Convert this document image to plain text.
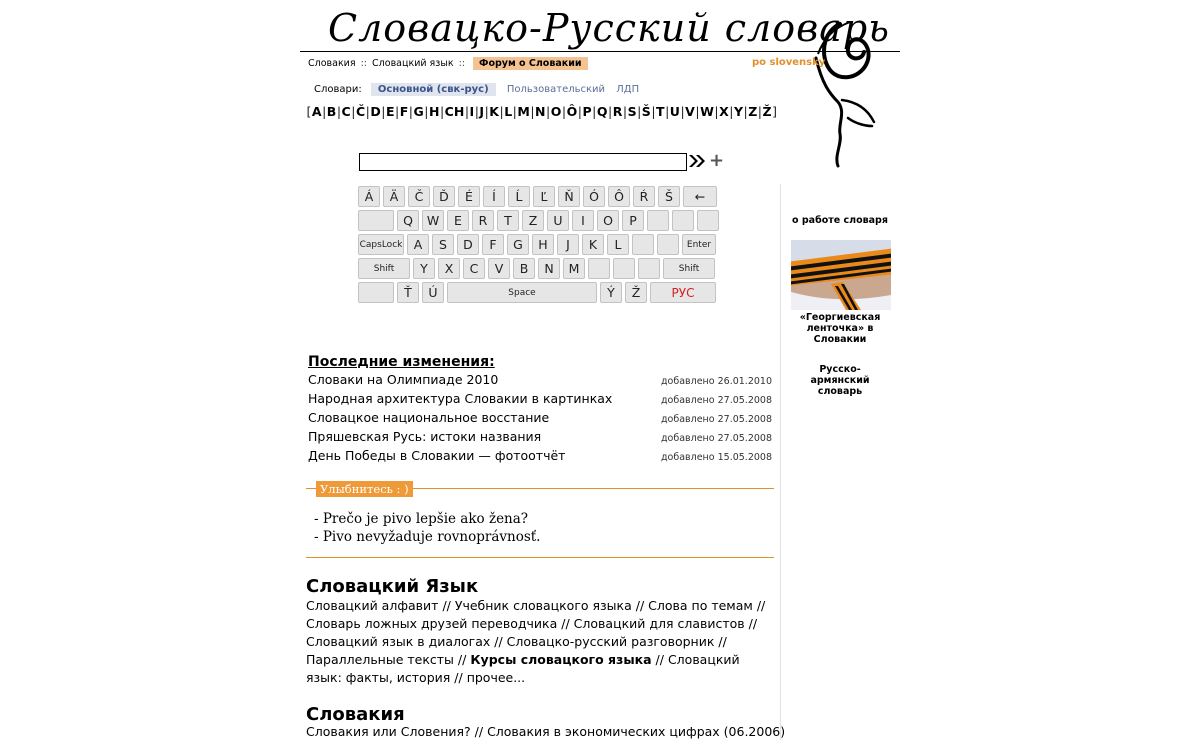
Словацко-Русский словарь
Словакия :: Словацкий язык :: Форум о Словакии	po slovensky
Словари: Основной (свк-рус) Пользовательский ЛДП
[A|B|C|Č|D|E|F|G|H|CH|I|J|K|L|M|N|O|Ô|P|Q|R|S|Š|T|U|V|W|X|Y|Z|Ž]
+
Á	Ä	Č	Ď	É	Í	Ĺ	Ľ	Ň	Ó	Ô	Ŕ	Š	←
Q	W	E	R	T	Z	U	I	O	P
CapsLock A	S	D	F	G	H	J	K	L	Enter
Shift	Y	X	C	V	B	N	M	Shift
Ť	Ú	Space	Ý	Ž	РУС
Последние изменения:
Словаки на Олимпиаде 2010	добавлено 26.01.2010
Народная архитектура Словакии в картинках	добавлено 27.05.2008
Словацкое национальное восстание	добавлено 27.05.2008
Пряшевская Русь: истоки названия	добавлено 27.05.2008
День Победы в Словакии — фотоотчёт	добавлено 15.05.2008
Улыбнитесь : )
- Prečo je pivo lepšie ako žena?
- Pivo nevyžaduje rovnoprávnosť.
Словацкий Язык
Словацкий алфавит // Учебник словацкого языка // Слова по темам // Словарь ложных друзей переводчика // Словацкий для славистов // Словацкий язык в диалогах // Словацко-русский разговорник // Параллельные тексты // Курсы словацкого языка // Словацкий язык: факты, история // прочее...
Словакия
Словакия или Словения? // Словакия в экономических цифрах (06.2006)
о работе словаря
«Георгиевская ленточка» в Словакии
Русско-армянский словарь
